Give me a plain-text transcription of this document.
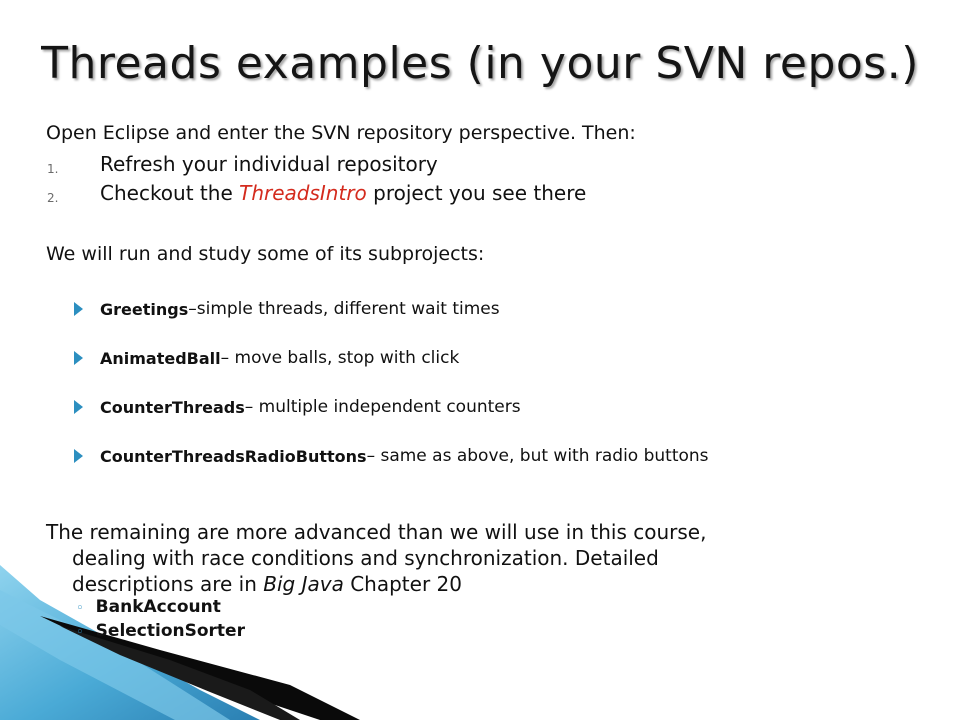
Threads examples (in your SVN repos.)
Open Eclipse and enter the SVN repository perspective. Then:
1. Refresh your individual repository
2. Checkout the ThreadsIntro project you see there
We will run and study some of its subprojects:
Greetings –simple threads, different wait times
AnimatedBall – move balls, stop with click
CounterThreads – multiple independent counters
CounterThreadsRadioButtons – same as above, but with radio buttons
The remaining are more advanced than we will use in this course,
dealing with race conditions and synchronization. Detailed
descriptions are in Big Java Chapter 20
◦ BankAccount
◦ SelectionSorter
